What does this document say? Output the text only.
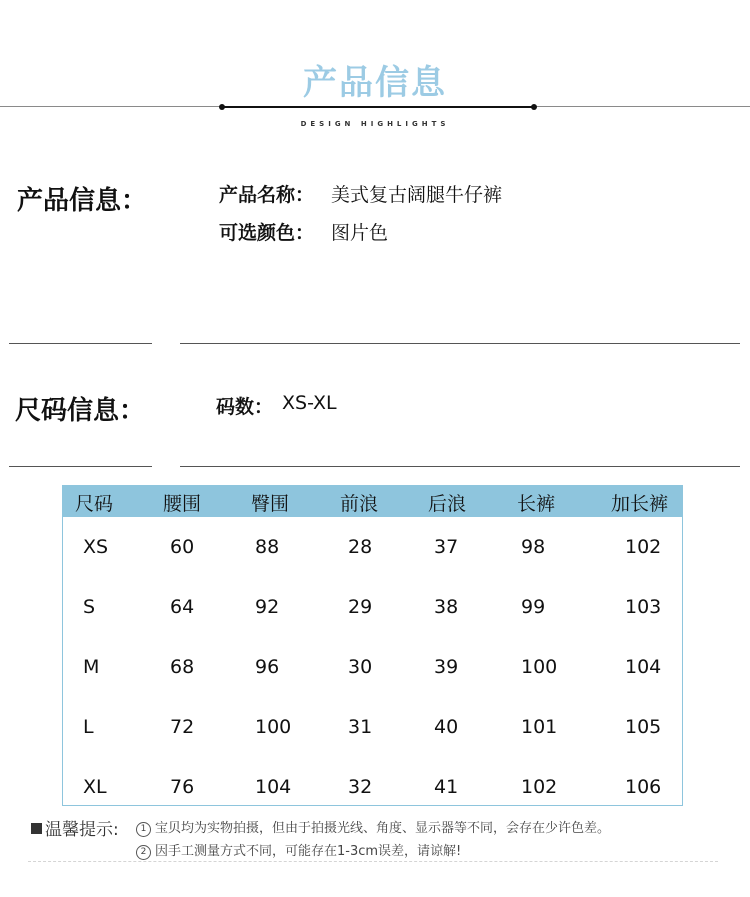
产品信息
DESIGN HIGHLIGHTS
产品信息：	产品名称： 美式复古阔腿牛仔裤
可选颜色： 图片色
尺码信息：	码数： XS-XL
尺码	腰围	臀围	前浪	后浪	长裤	加长裤
XS	60	88	28	37	98	102
S	64	92	29	38	99	103
M	68	96	30	39	100	104
L	72	100	31	40	101	105
XL	76	104	32	41	102	106
温馨提示:	1 宝贝均为实物拍摄，但由于拍摄光线、角度、显示器等不同，会存在少许色差。
2 因手工测量方式不同，可能存在1-3cm误差，请谅解!
